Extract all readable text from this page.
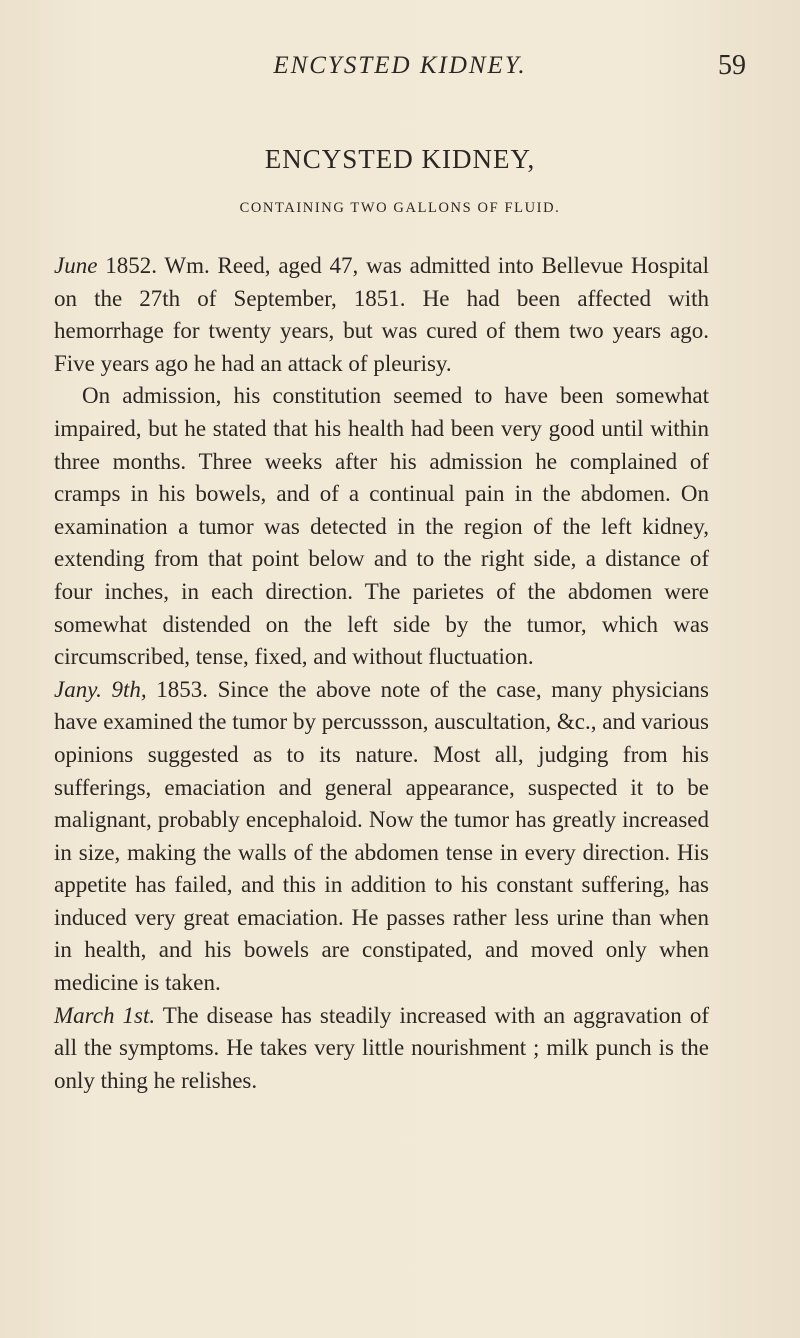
ENCYSTED KIDNEY.	59
ENCYSTED KIDNEY,
CONTAINING TWO GALLONS OF FLUID.

June 1852. Wm. Reed, aged 47, was admitted into Bellevue Hospital on the 27th of September, 1851. He had been affected with hemorrhage for twenty years, but was cured of them two years ago. Five years ago he had an attack of pleurisy.

On admission, his constitution seemed to have been somewhat impaired, but he stated that his health had been very good until within three months. Three weeks after his admission he complained of cramps in his bowels, and of a continual pain in the abdomen. On examination a tumor was detected in the region of the left kidney, extending from that point below and to the right side, a distance of four inches, in each direction. The parietes of the abdomen were somewhat distended on the left side by the tumor, which was circumscribed, tense, fixed, and without fluctuation.

Jany. 9th, 1853. Since the above note of the case, many physicians have examined the tumor by percussson, auscultation, &c., and various opinions suggested as to its nature. Most all, judging from his sufferings, emaciation and general appearance, suspected it to be malignant, probably encephaloid. Now the tumor has greatly increased in size, making the walls of the abdomen tense in every direction. His appetite has failed, and this in addition to his constant suffering, has induced very great emaciation. He passes rather less urine than when in health, and his bowels are constipated, and moved only when medicine is taken.

March 1st. The disease has steadily increased with an aggravation of all the symptoms. He takes very little nourishment ; milk punch is the only thing he relishes.
